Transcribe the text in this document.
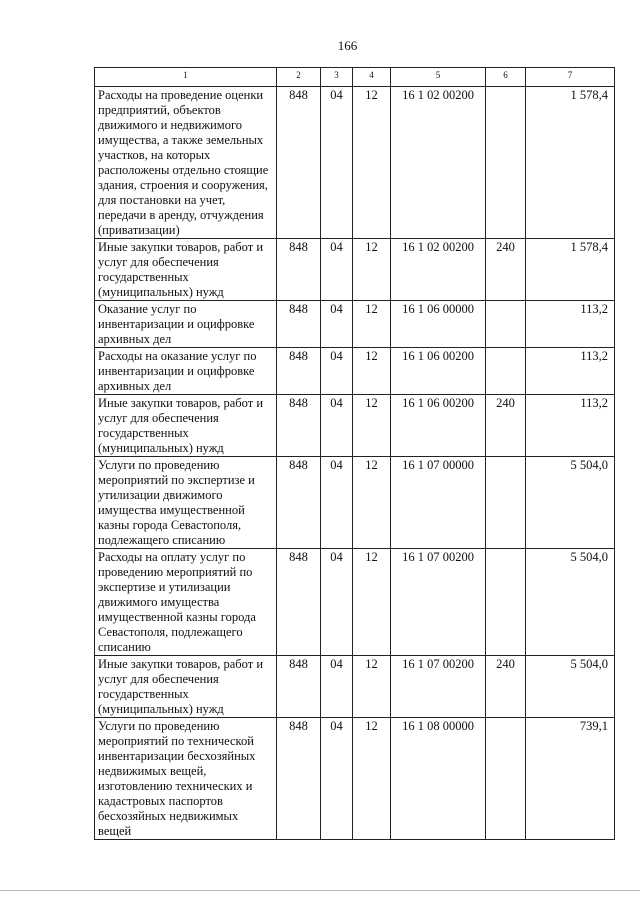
166
1	2	3	4	5	6	7
Расходы на проведение оценки предприятий, объектов движимого и недвижимого имущества, а также земельных участков, на которых расположены отдельно стоящие здания, строения и сооружения, для постановки на учет, передачи в аренду, отчуждения (приватизации)	848	04	12	16 1 02 00200		1 578,4
Иные закупки товаров, работ и услуг для обеспечения государственных (муниципальных) нужд	848	04	12	16 1 02 00200	240	1 578,4
Оказание услуг по инвентаризации и оцифровке архивных дел	848	04	12	16 1 06 00000		113,2
Расходы на оказание услуг по инвентаризации и оцифровке архивных дел	848	04	12	16 1 06 00200		113,2
Иные закупки товаров, работ и услуг для обеспечения государственных (муниципальных) нужд	848	04	12	16 1 06 00200	240	113,2
Услуги по проведению мероприятий по экспертизе и утилизации движимого имущества имущественной казны города Севастополя, подлежащего списанию	848	04	12	16 1 07 00000		5 504,0
Расходы на оплату услуг по проведению мероприятий по экспертизе и утилизации движимого имущества имущественной казны города Севастополя, подлежащего списанию	848	04	12	16 1 07 00200		5 504,0
Иные закупки товаров, работ и услуг для обеспечения государственных (муниципальных) нужд	848	04	12	16 1 07 00200	240	5 504,0
Услуги по проведению мероприятий по технической инвентаризации бесхозяйных недвижимых вещей, изготовлению технических и кадастровых паспортов бесхозяйных недвижимых вещей	848	04	12	16 1 08 00000		739,1
